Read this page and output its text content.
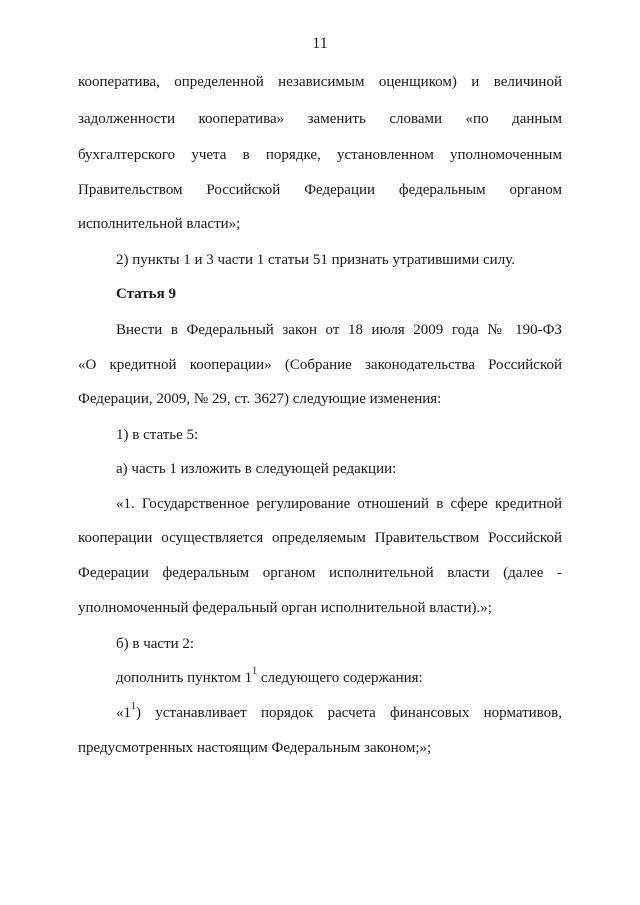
11
кооператива, определенной независимым оценщиком) и величиной
задолженности кооператива» заменить словами «по данным
бухгалтерского учета в порядке, установленном уполномоченным
Правительством Российской Федерации федеральным органом
исполнительной власти»;
2) пункты 1 и 3 части 1 статьи 51 признать утратившими силу.
Статья 9
Внести в Федеральный закон от 18 июля 2009 года № 190-ФЗ
«О кредитной кооперации» (Собрание законодательства Российской
Федерации, 2009, № 29, ст. 3627) следующие изменения:
1) в статье 5:
а) часть 1 изложить в следующей редакции:
«1. Государственное регулирование отношений в сфере кредитной
кооперации осуществляется определяемым Правительством Российской
Федерации федеральным органом исполнительной власти (далее -
уполномоченный федеральный орган исполнительной власти).»;
б) в части 2:
дополнить пунктом $1^1$ следующего содержания:
«$1^1$) устанавливает порядок расчета финансовых нормативов,
предусмотренных настоящим Федеральным законом;»;
